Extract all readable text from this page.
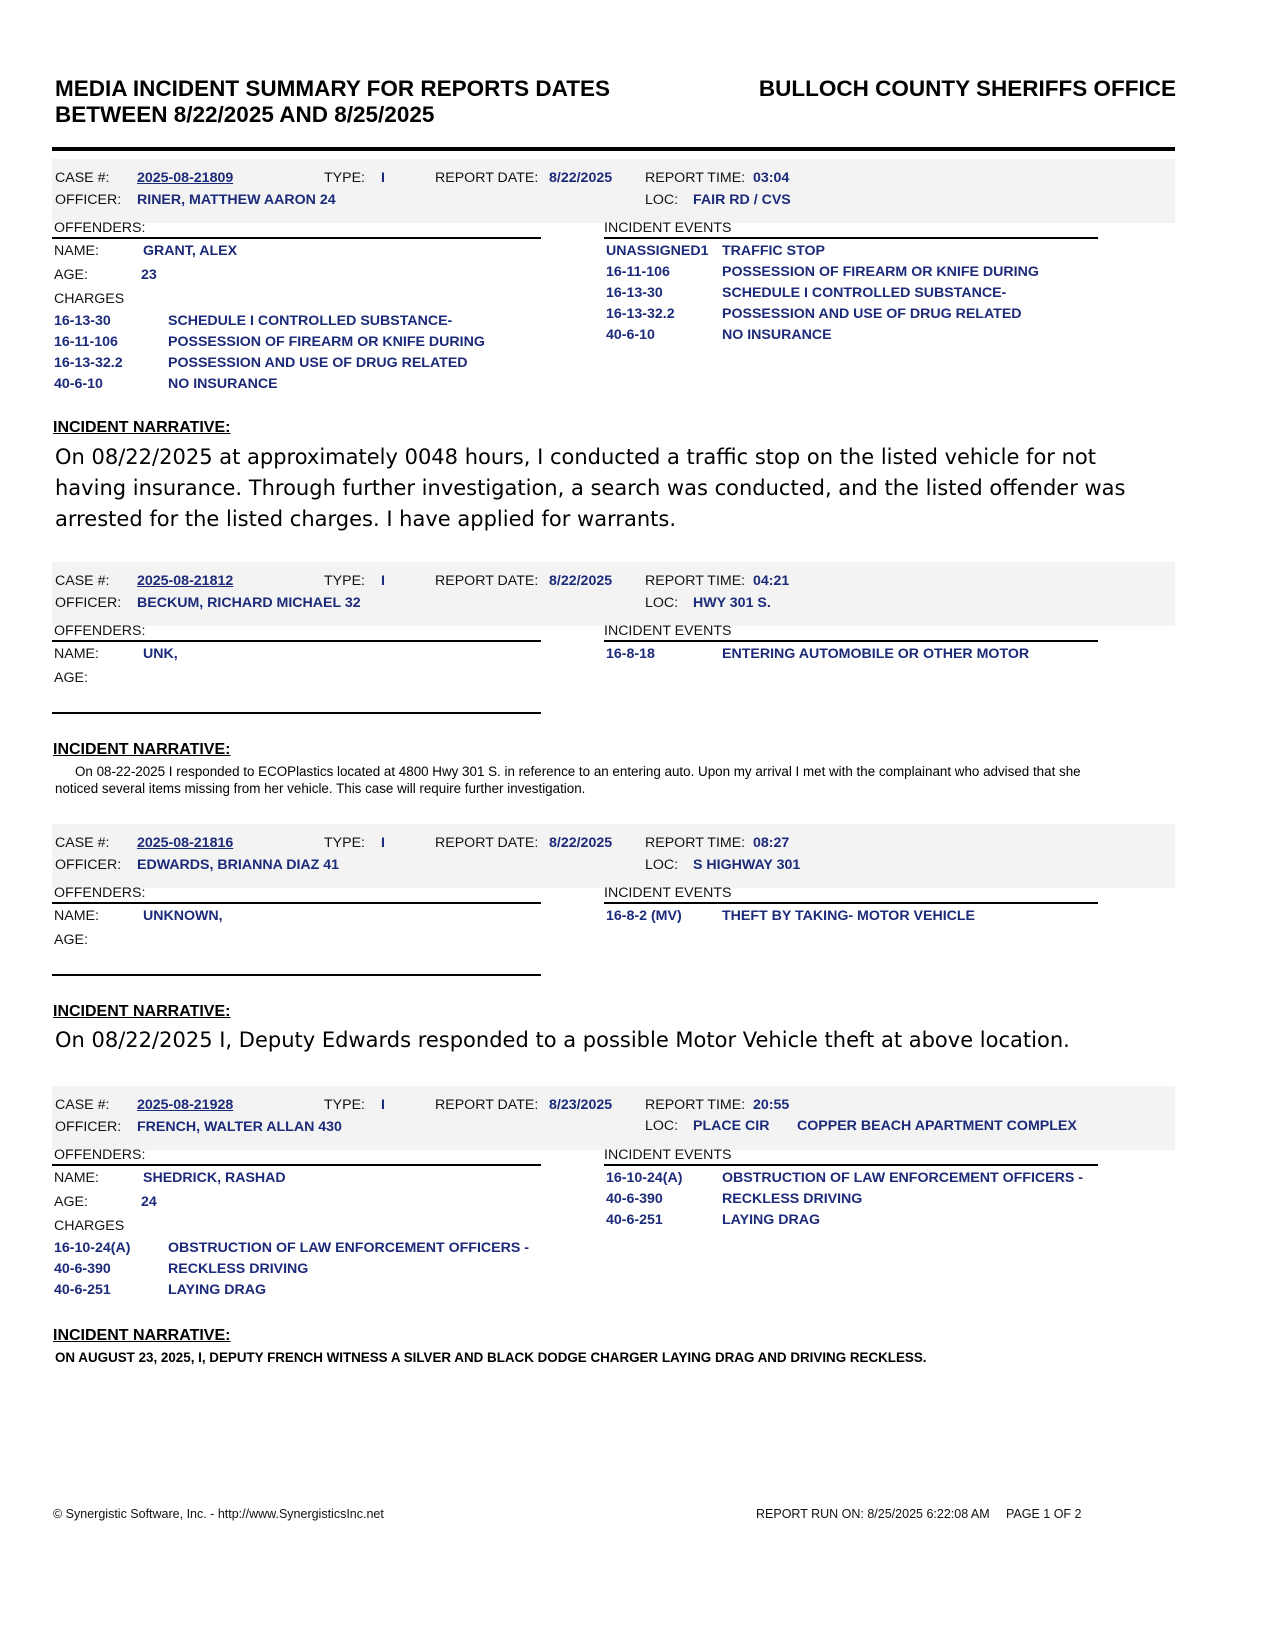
MEDIA INCIDENT SUMMARY FOR REPORTS DATES BETWEEN 8/22/2025 AND 8/25/2025
BULLOCH COUNTY SHERIFFS OFFICE
CASE #: 2025-08-21809	TYPE: I	REPORT DATE: 8/22/2025 REPORT TIME: 03:04
OFFICER: RINER, MATTHEW AARON 24	LOC: FAIR RD / CVS
OFFENDERS:	INCIDENT EVENTS
NAME:	GRANT, ALEX
AGE:	23
CHARGES
16-13-30	SCHEDULE I CONTROLLED SUBSTANCE-
16-11-106	POSSESSION OF FIREARM OR KNIFE DURING
16-13-32.2	POSSESSION AND USE OF DRUG RELATED
40-6-10	NO INSURANCE
UNASSIGNED1 TRAFFIC STOP
16-11-106	POSSESSION OF FIREARM OR KNIFE DURING
16-13-30	SCHEDULE I CONTROLLED SUBSTANCE-
16-13-32.2	POSSESSION AND USE OF DRUG RELATED
40-6-10	NO INSURANCE
INCIDENT NARRATIVE:
On 08/22/2025 at approximately 0048 hours, I conducted a traffic stop on the listed vehicle for not having insurance. Through further investigation, a search was conducted, and the listed offender was arrested for the listed charges. I have applied for warrants.
CASE #: 2025-08-21812	TYPE: I	REPORT DATE: 8/22/2025 REPORT TIME: 04:21
OFFICER: BECKUM, RICHARD MICHAEL 32	LOC: HWY 301 S.
OFFENDERS:	INCIDENT EVENTS
NAME:	UNK,
AGE:
16-8-18	ENTERING AUTOMOBILE OR OTHER MOTOR
INCIDENT NARRATIVE:
On 08-22-2025 I responded to ECOPlastics located at 4800 Hwy 301 S. in reference to an entering auto. Upon my arrival I met with the complainant who advised that she noticed several items missing from her vehicle. This case will require further investigation.
CASE #: 2025-08-21816	TYPE: I	REPORT DATE: 8/22/2025 REPORT TIME: 08:27
OFFICER: EDWARDS, BRIANNA DIAZ 41	LOC: S HIGHWAY 301
OFFENDERS:	INCIDENT EVENTS
NAME:	UNKNOWN,
AGE:
16-8-2 (MV)	THEFT BY TAKING- MOTOR VEHICLE
INCIDENT NARRATIVE:
On 08/22/2025 I, Deputy Edwards responded to a possible Motor Vehicle theft at above location.
CASE #: 2025-08-21928	TYPE: I	REPORT DATE: 8/23/2025 REPORT TIME: 20:55
OFFICER: FRENCH, WALTER ALLAN 430	LOC: PLACE CIR COPPER BEACH APARTMENT COMPLEX
OFFENDERS:	INCIDENT EVENTS
NAME:	SHEDRICK, RASHAD
AGE:	24
CHARGES
16-10-24(A)	OBSTRUCTION OF LAW ENFORCEMENT OFFICERS -
40-6-390	RECKLESS DRIVING
40-6-251	LAYING DRAG
16-10-24(A)	OBSTRUCTION OF LAW ENFORCEMENT OFFICERS -
40-6-390	RECKLESS DRIVING
40-6-251	LAYING DRAG
INCIDENT NARRATIVE:
ON AUGUST 23, 2025, I, DEPUTY FRENCH WITNESS A SILVER AND BLACK DODGE CHARGER LAYING DRAG AND DRIVING RECKLESS.
© Synergistic Software, Inc. - http://www.SynergisticsInc.net	REPORT RUN ON: 8/25/2025 6:22:08 AM PAGE 1 OF 2
